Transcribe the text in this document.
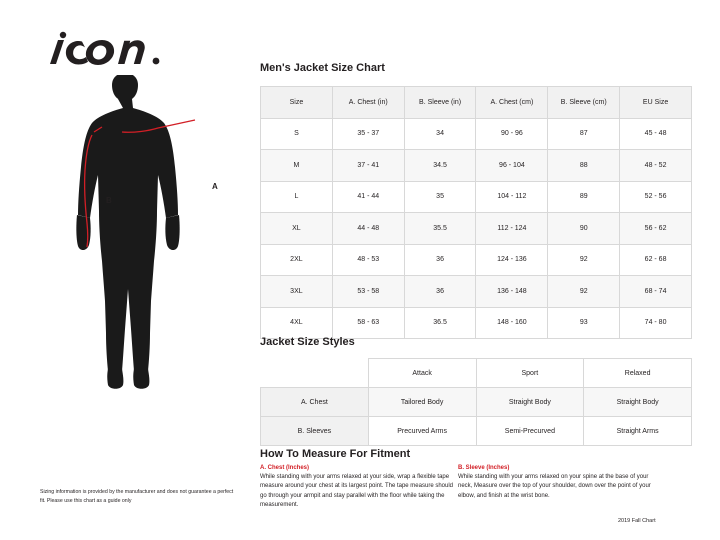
A
B
Sizing information is provided by the manufacturer and does not guarantee a perfect fit. Please use this chart as a guide only
Men's Jacket Size Chart
Size	A. Chest (in)	B. Sleeve (in)	A. Chest (cm)	B. Sleeve (cm)	EU Size
S	35 - 37	34	90 - 96	87	45 - 48
M	37 - 41	34.5	96 - 104	88	48 - 52
L	41 - 44	35	104 - 112	89	52 - 56
XL	44 - 48	35.5	112 - 124	90	56 - 62
2XL	48 - 53	36	124 - 136	92	62 - 68
3XL	53 - 58	36	136 - 148	92	68 - 74
4XL	58 - 63	36.5	148 - 160	93	74 - 80
Jacket Size Styles
	Attack	Sport	Relaxed
A. Chest	Tailored Body	Straight Body	Straight Body
B. Sleeves	Precurved Arms	Semi-Precurved	Straight Arms
How To Measure For Fitment

A. Chest (Inches)

While standing with your arms relaxed at your side, wrap a flexible tape measure around your chest at its largest point. The tape measure should go through your armpit and stay parallel with the floor while taking the measurement.

B. Sleeve (Inches)

While standing with your arms relaxed on your spine at the base of your neck, Measure over the top of your shoulder, down over the point of your elbow, and finish at the wrist bone.

2019 Fall Chart
